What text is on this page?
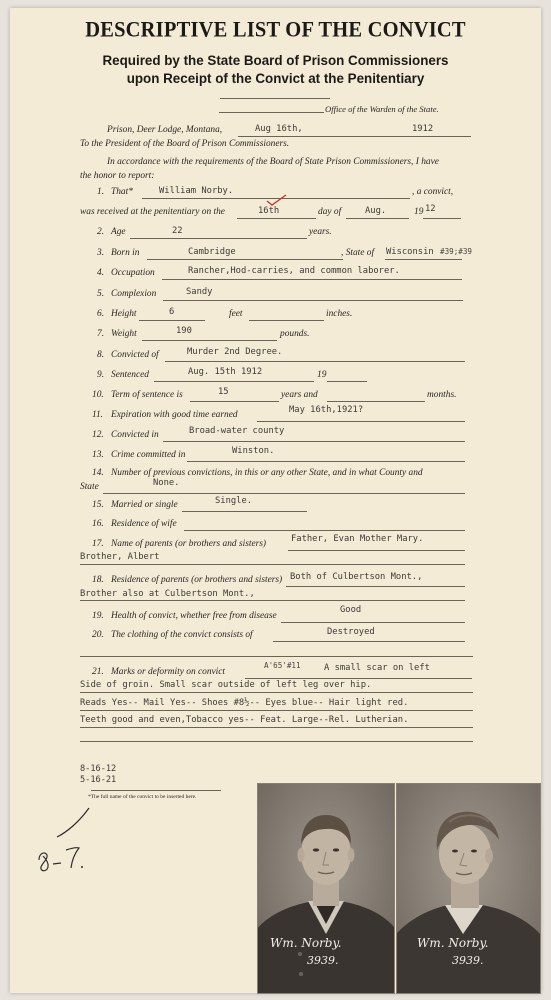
DESCRIPTIVE LIST OF THE CONVICT
Required by the State Board of Prison Commissioners
upon Receipt of the Convict at the Penitentiary
Office of the Warden of the State.
Prison, Deer Lodge, Montana,	Aug 16th,	1912
To the President of the Board of Prison Commissioners.
In accordance with the requirements of the Board of State Prison Commissioners, I have
the honor to report:
1. That*	William Norby.	, a convict,
was received at the penitentiary on the	16th	day of	Aug.	19 12
2. Age	22	years.
3. Born in	Cambridge	, State of Wisconsin #39;#39
4. Occupation	Rancher,Hod-carries, and common laborer.
5. Complexion	Sandy
6. Height	6	feet	inches.
7. Weight	190	pounds.
8. Convicted of	Murder 2nd Degree.
9. Sentenced	Aug. 15th 1912	19
10. Term of sentence is	15	years and	months.
11. Expiration with good time earned	May 16th,1921?
12. Convicted in	Broad-water county
13. Crime committed in	Winston.
14. Number of previous convictions, in this or any other State, and in what County and
State	None.
15. Married or single	Single.
16. Residence of wife
17. Name of parents (or brothers and sisters)	Father, Evan Mother Mary.
Brother, Albert
18. Residence of parents (or brothers and sisters) Both of Culbertson Mont.,
Brother also at Culbertson Mont.,
19. Health of convict, whether free from disease
Good
20. The clothing of the convict consists of	Destroyed
21. Marks or deformity on convict
A'65'#11	A small scar on left
Side of groin. Small scar outside of left leg over hip.
Reads Yes-- Mail Yes-- Shoes #8½-- Eyes blue-- Hair light red.
Teeth good and even,Tobacco yes-- Feat. Large--Rel. Lutherian.
8-16-12
5-16-21
*The full name of the convict to be inserted here.
Wm. Norby.
3939.
Wm. Norby.
3939.
